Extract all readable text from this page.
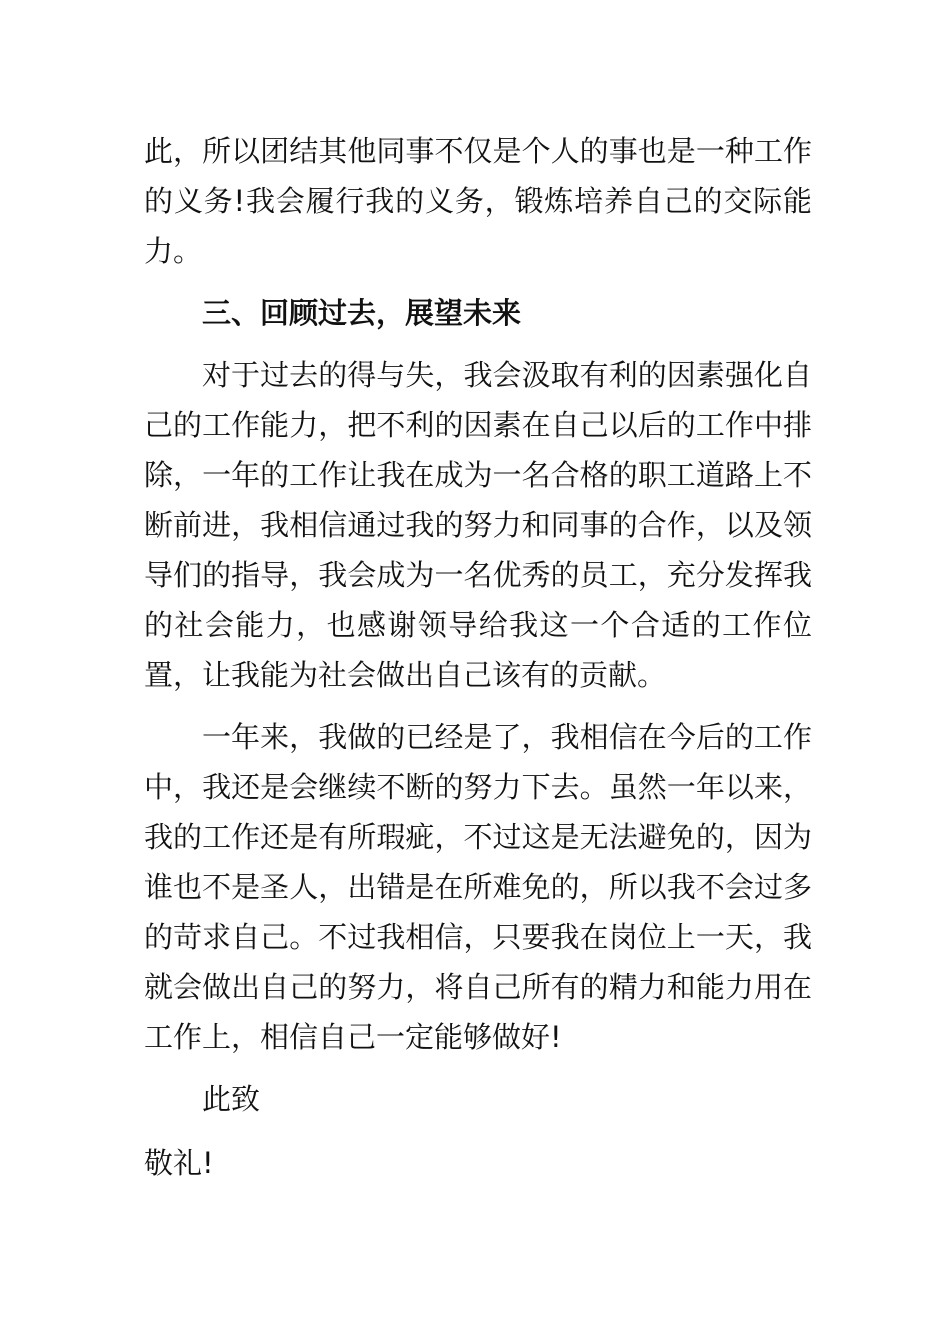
此，所以团结其他同事不仅是个人的事也是一种工作的义务!我会履行我的义务，锻炼培养自己的交际能力。

三、回顾过去，展望未来

对于过去的得与失，我会汲取有利的因素强化自己的工作能力，把不利的因素在自己以后的工作中排除，一年的工作让我在成为一名合格的职工道路上不断前进，我相信通过我的努力和同事的合作，以及领导们的指导，我会成为一名优秀的员工，充分发挥我的社会能力，也感谢领导给我这一个合适的工作位置，让我能为社会做出自己该有的贡献。

一年来，我做的已经是了，我相信在今后的工作中，我还是会继续不断的努力下去。虽然一年以来，我的工作还是有所瑕疵，不过这是无法避免的，因为谁也不是圣人，出错是在所难免的，所以我不会过多的苛求自己。不过我相信，只要我在岗位上一天，我就会做出自己的努力，将自己所有的精力和能力用在工作上，相信自己一定能够做好!

此致

敬礼!
